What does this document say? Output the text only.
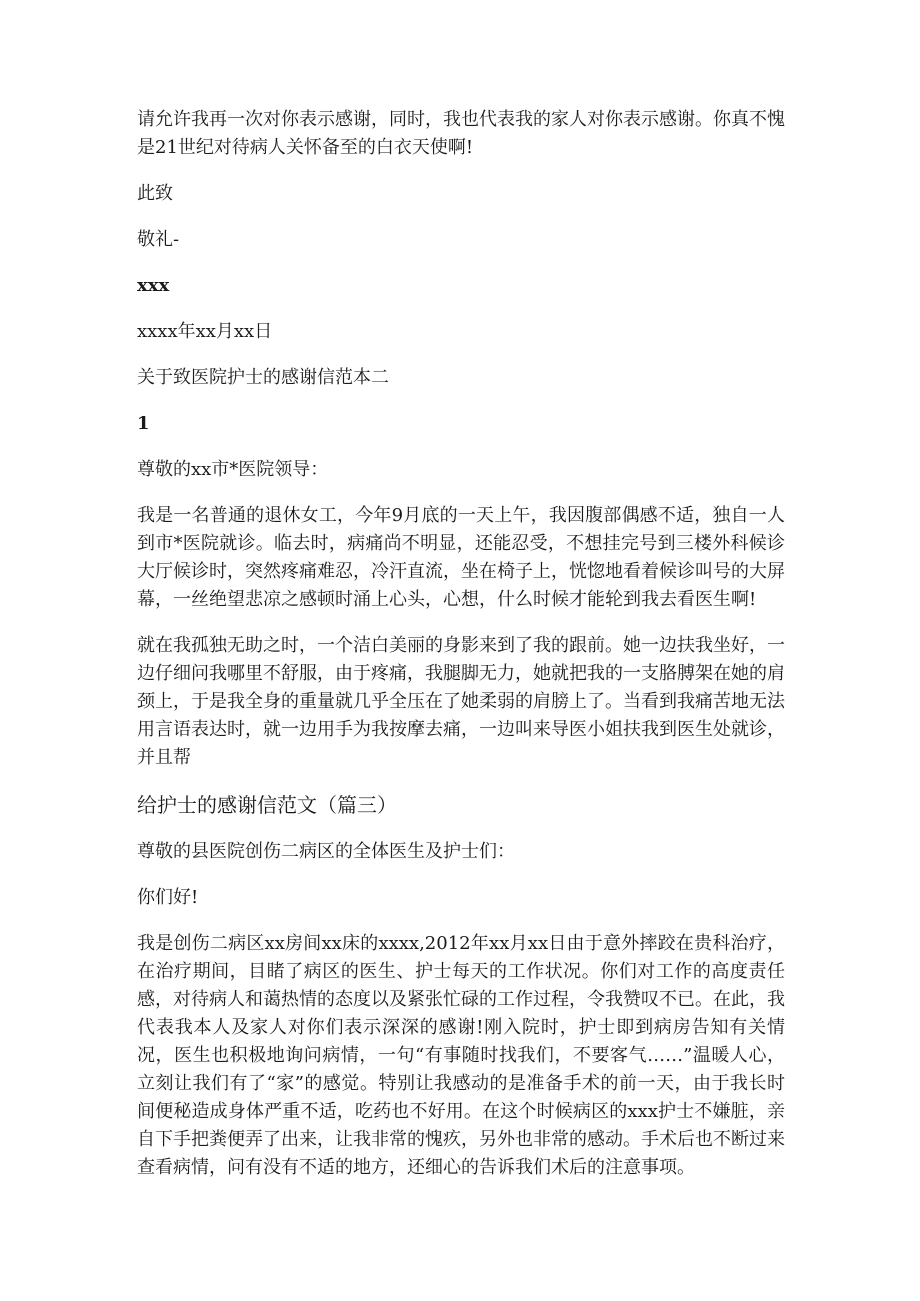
请允许我再一次对你表示感谢，同时，我也代表我的家人对你表示感谢。你真不愧是21世纪对待病人关怀备至的白衣天使啊!

此致

敬礼-

xxx

xxxx年xx月xx日

关于致医院护士的感谢信范本二

1

尊敬的xx市*医院领导：

我是一名普通的退休女工，今年9月底的一天上午，我因腹部偶感不适，独自一人到市*医院就诊。临去时，病痛尚不明显，还能忍受，不想挂完号到三楼外科候诊大厅候诊时，突然疼痛难忍，冷汗直流，坐在椅子上，恍惚地看着候诊叫号的大屏幕，一丝绝望悲凉之感顿时涌上心头，心想，什么时候才能轮到我去看医生啊!

就在我孤独无助之时，一个洁白美丽的身影来到了我的跟前。她一边扶我坐好，一边仔细问我哪里不舒服，由于疼痛，我腿脚无力，她就把我的一支胳膊架在她的肩颈上，于是我全身的重量就几乎全压在了她柔弱的肩膀上了。当看到我痛苦地无法用言语表达时，就一边用手为我按摩去痛，一边叫来导医小姐扶我到医生处就诊，并且帮

给护士的感谢信范文（篇三）

尊敬的县医院创伤二病区的全体医生及护士们：

你们好!

我是创伤二病区xx房间xx床的xxxx,2012年xx月xx日由于意外摔跤在贵科治疗，在治疗期间，目睹了病区的医生、护士每天的工作状况。你们对工作的高度责任感，对待病人和蔼热情的态度以及紧张忙碌的工作过程，令我赞叹不已。在此，我代表我本人及家人对你们表示深深的感谢!刚入院时，护士即到病房告知有关情况，医生也积极地询问病情，一句“有事随时找我们，不要客气……”温暖人心，立刻让我们有了“家”的感觉。特别让我感动的是准备手术的前一天，由于我长时间便秘造成身体严重不适，吃药也不好用。在这个时候病区的xxx护士不嫌脏，亲自下手把粪便弄了出来，让我非常的愧疚，另外也非常的感动。手术后也不断过来查看病情，问有没有不适的地方，还细心的告诉我们术后的注意事项。
